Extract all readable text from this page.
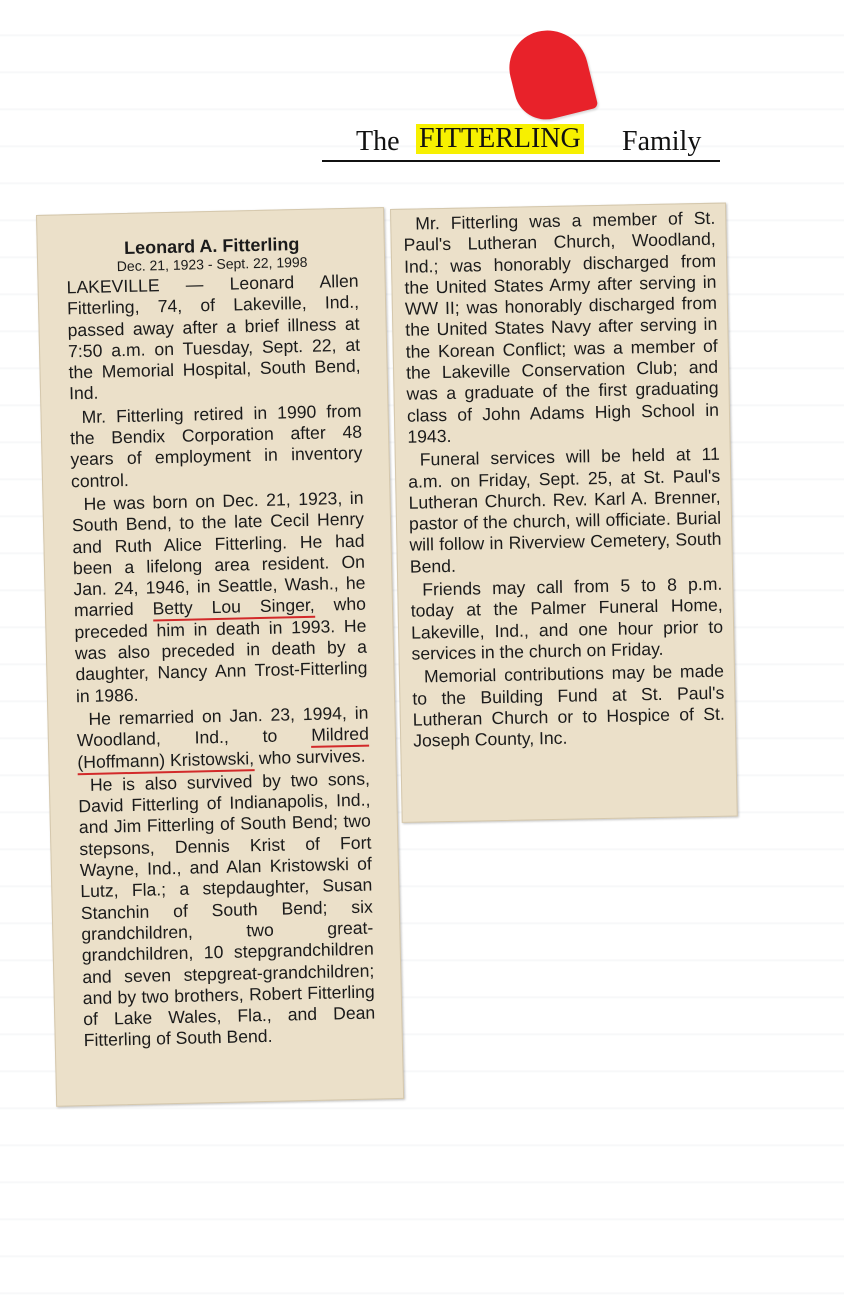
The FITTERLING Family

Leonard A. Fitterling

Dec. 21, 1923 - Sept. 22, 1998

LAKEVILLE — Leonard Allen Fitterling, 74, of Lakeville, Ind., passed away after a brief illness at 7:50 a.m. on Tuesday, Sept. 22, at the Memorial Hospital, South Bend, Ind.

Mr. Fitterling retired in 1990 from the Bendix Corporation after 48 years of employment in inventory control.

He was born on Dec. 21, 1923, in South Bend, to the late Cecil Henry and Ruth Alice Fitterling. He had been a lifelong area resident. On Jan. 24, 1946, in Seattle, Wash., he married Betty Lou Singer, who preceded him in death in 1993. He was also preceded in death by a daughter, Nancy Ann Trost-Fitterling in 1986.

He remarried on Jan. 23, 1994, in Woodland, Ind., to Mildred (Hoffmann) Kristowski, who survives.

He is also survived by two sons, David Fitterling of Indianapolis, Ind., and Jim Fitterling of South Bend; two stepsons, Dennis Krist of Fort Wayne, Ind., and Alan Kristowski of Lutz, Fla.; a stepdaughter, Susan Stanchin of South Bend; six grandchildren, two great-grandchildren, 10 stepgrandchildren and seven stepgreat-grandchildren; and by two brothers, Robert Fitterling of Lake Wales, Fla., and Dean Fitterling of South Bend.

Mr. Fitterling was a member of St. Paul's Lutheran Church, Woodland, Ind.; was honorably discharged from the United States Army after serving in WW II; was honorably discharged from the United States Navy after serving in the Korean Conflict; was a member of the Lakeville Conservation Club; and was a graduate of the first graduating class of John Adams High School in 1943.

Funeral services will be held at 11 a.m. on Friday, Sept. 25, at St. Paul's Lutheran Church. Rev. Karl A. Brenner, pastor of the church, will officiate. Burial will follow in Riverview Cemetery, South Bend.

Friends may call from 5 to 8 p.m. today at the Palmer Funeral Home, Lakeville, Ind., and one hour prior to services in the church on Friday.

Memorial contributions may be made to the Building Fund at St. Paul's Lutheran Church or to Hospice of St. Joseph County, Inc.
